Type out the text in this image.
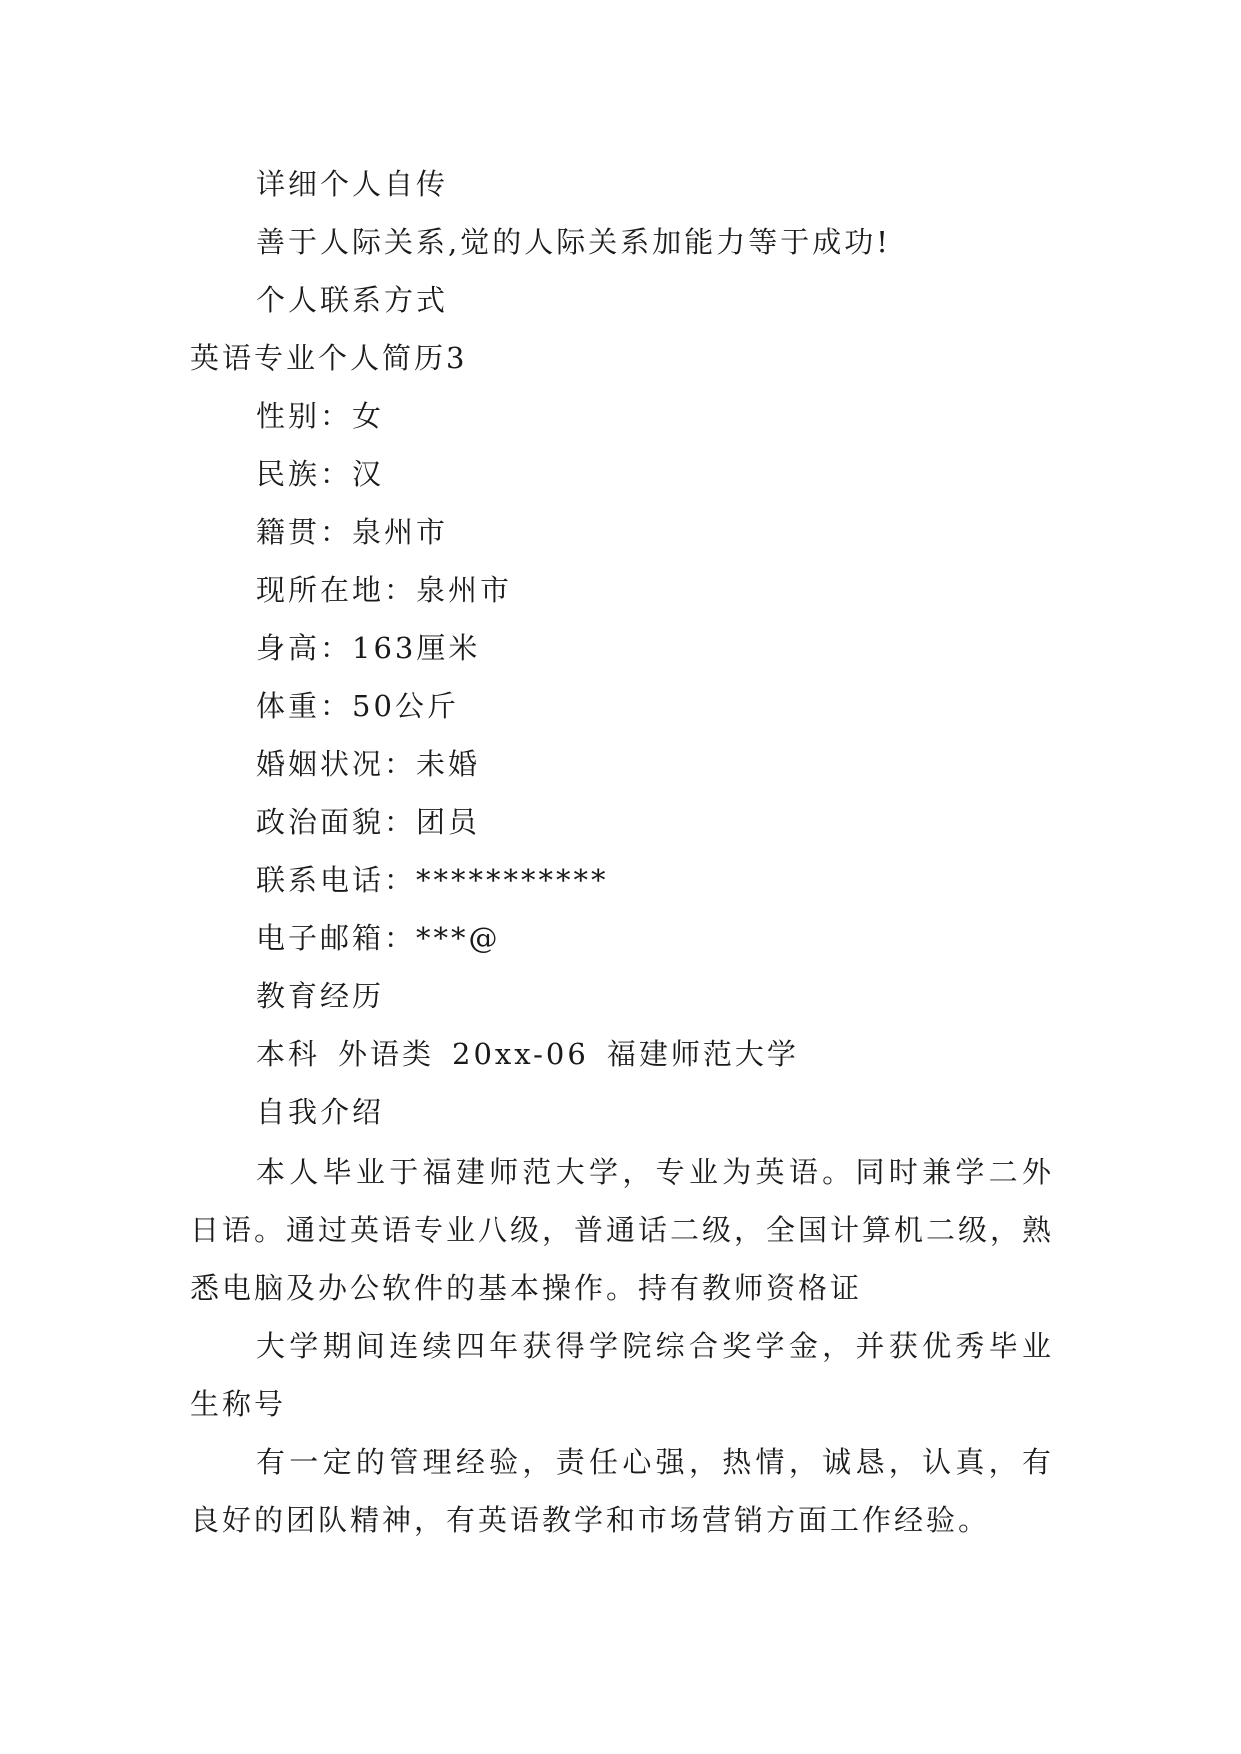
详细个人自传

善于人际关系,觉的人际关系加能力等于成功!

个人联系方式

英语专业个人简历3

性别：女

民族：汉

籍贯：泉州市

现所在地：泉州市

身高：163厘米

体重：50公斤

婚姻状况：未婚

政治面貌：团员

联系电话：***********

电子邮箱：***@

教育经历

本科 外语类 20xx-06 福建师范大学

自我介绍

本人毕业于福建师范大学，专业为英语。同时兼学二外日语。通过英语专业八级，普通话二级，全国计算机二级，熟悉电脑及办公软件的基本操作。持有教师资格证

大学期间连续四年获得学院综合奖学金，并获优秀毕业生称号

有一定的管理经验，责任心强，热情，诚恳，认真，有良好的团队精神，有英语教学和市场营销方面工作经验。
